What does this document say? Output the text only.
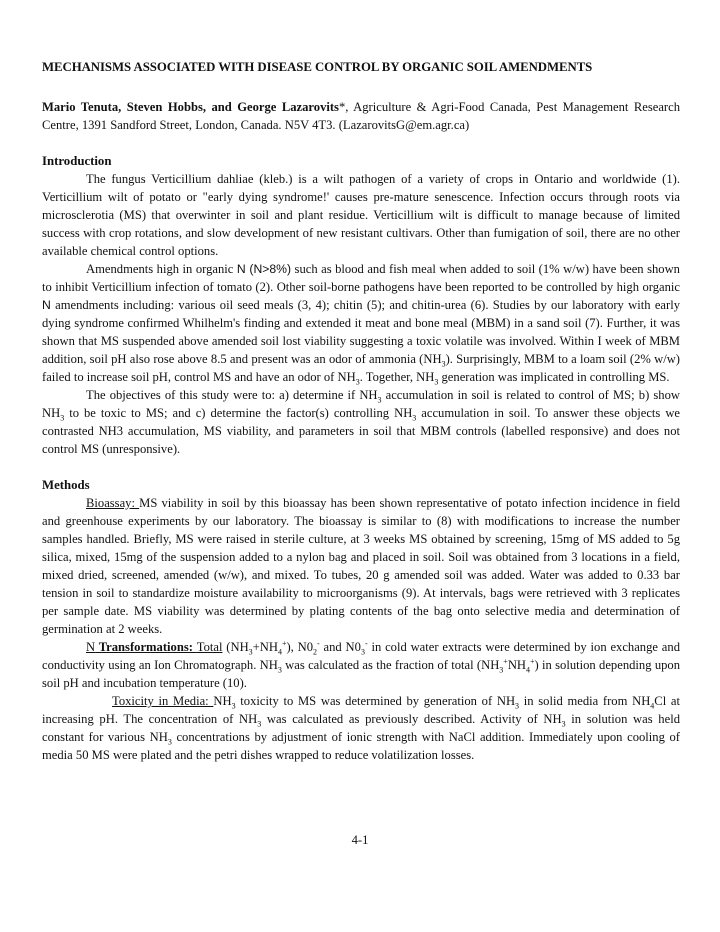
MECHANISMS ASSOCIATED WITH DISEASE CONTROL BY ORGANIC SOIL AMENDMENTS

Mario Tenuta, Steven Hobbs, and George Lazarovits*, Agriculture & Agri-Food Canada, Pest Management Research Centre, 1391 Sandford Street, London, Canada. N5V 4T3. (LazarovitsG@em.agr.ca)

Introduction

The fungus Verticillium dahliae (kleb.) is a wilt pathogen of a variety of crops in Ontario and worldwide (1). Verticillium wilt of potato or "early dying syndrome!' causes pre-mature senescence. Infection occurs through roots via microsclerotia (MS) that overwinter in soil and plant residue. Verticillium wilt is difficult to manage because of limited success with crop rotations, and slow development of new resistant cultivars. Other than fumigation of soil, there are no other available chemical control options.

Amendments high in organic N (N>8%) such as blood and fish meal when added to soil (1% w/w) have been shown to inhibit Verticillium infection of tomato (2). Other soil-borne pathogens have been reported to be controlled by high organic N amendments including: various oil seed meals (3, 4); chitin (5); and chitin-urea (6). Studies by our laboratory with early dying syndrome confirmed Whilhelm's finding and extended it meat and bone meal (MBM) in a sand soil (7). Further, it was shown that MS suspended above amended soil lost viability suggesting a toxic volatile was involved. Within I week of MBM addition, soil pH also rose above 8.5 and present was an odor of ammonia $(NH_3)$. Surprisingly, MBM to a loam soil (2% w/w) failed to increase soil pH, control MS and have an odor of $NH_3$. Together, $NH_3$ generation was implicated in controlling MS.

The objectives of this study were to: a) determine if $NH_3$ accumulation in soil is related to control of MS; b) show $NH_3$ to be toxic to MS; and c) determine the factor(s) controlling $NH_3$ accumulation in soil. To answer these objects we contrasted NH3 accumulation, MS viability, and parameters in soil that MBM controls (labelled responsive) and does not control MS (unresponsive).

Methods

Bioassay: MS viability in soil by this bioassay has been shown representative of potato infection incidence in field and greenhouse experiments by our laboratory. The bioassay is similar to (8) with modifications to increase the number samples handled. Briefly, MS were raised in sterile culture, at 3 weeks MS obtained by screening, 15mg of MS added to 5g silica, mixed, 15mg of the suspension added to a nylon bag and placed in soil. Soil was obtained from 3 locations in a field, mixed dried, screened, amended (w/w), and mixed. To tubes, 20 g amended soil was added. Water was added to 0.33 bar tension in soil to standardize moisture availability to microorganisms (9). At intervals, bags were retrieved with 3 replicates per sample date. MS viability was determined by plating contents of the bag onto selective media and determination of germination at 2 weeks.

N Transformations: Total $(NH_3+NH_4^+)$, $N0_2^-$ and $N0_3^-$ in cold water extracts were determined by ion exchange and conductivity using an Ion Chromatograph. $NH_3$ was calculated as the fraction of total $(NH_3^+NH_4^+)$ in solution depending upon soil pH and incubation temperature (10).

Toxicity in Media: $NH_3$ toxicity to MS was determined by generation of $NH_3$ in solid media from $NH_4Cl$ at increasing pH. The concentration of $NH_3$ was calculated as previously described. Activity of $NH_3$ in solution was held constant for various $NH_3$ concentrations by adjustment of ionic strength with NaCl addition. Immediately upon cooling of media 50 MS were plated and the petri dishes wrapped to reduce volatilization losses.

4-1
